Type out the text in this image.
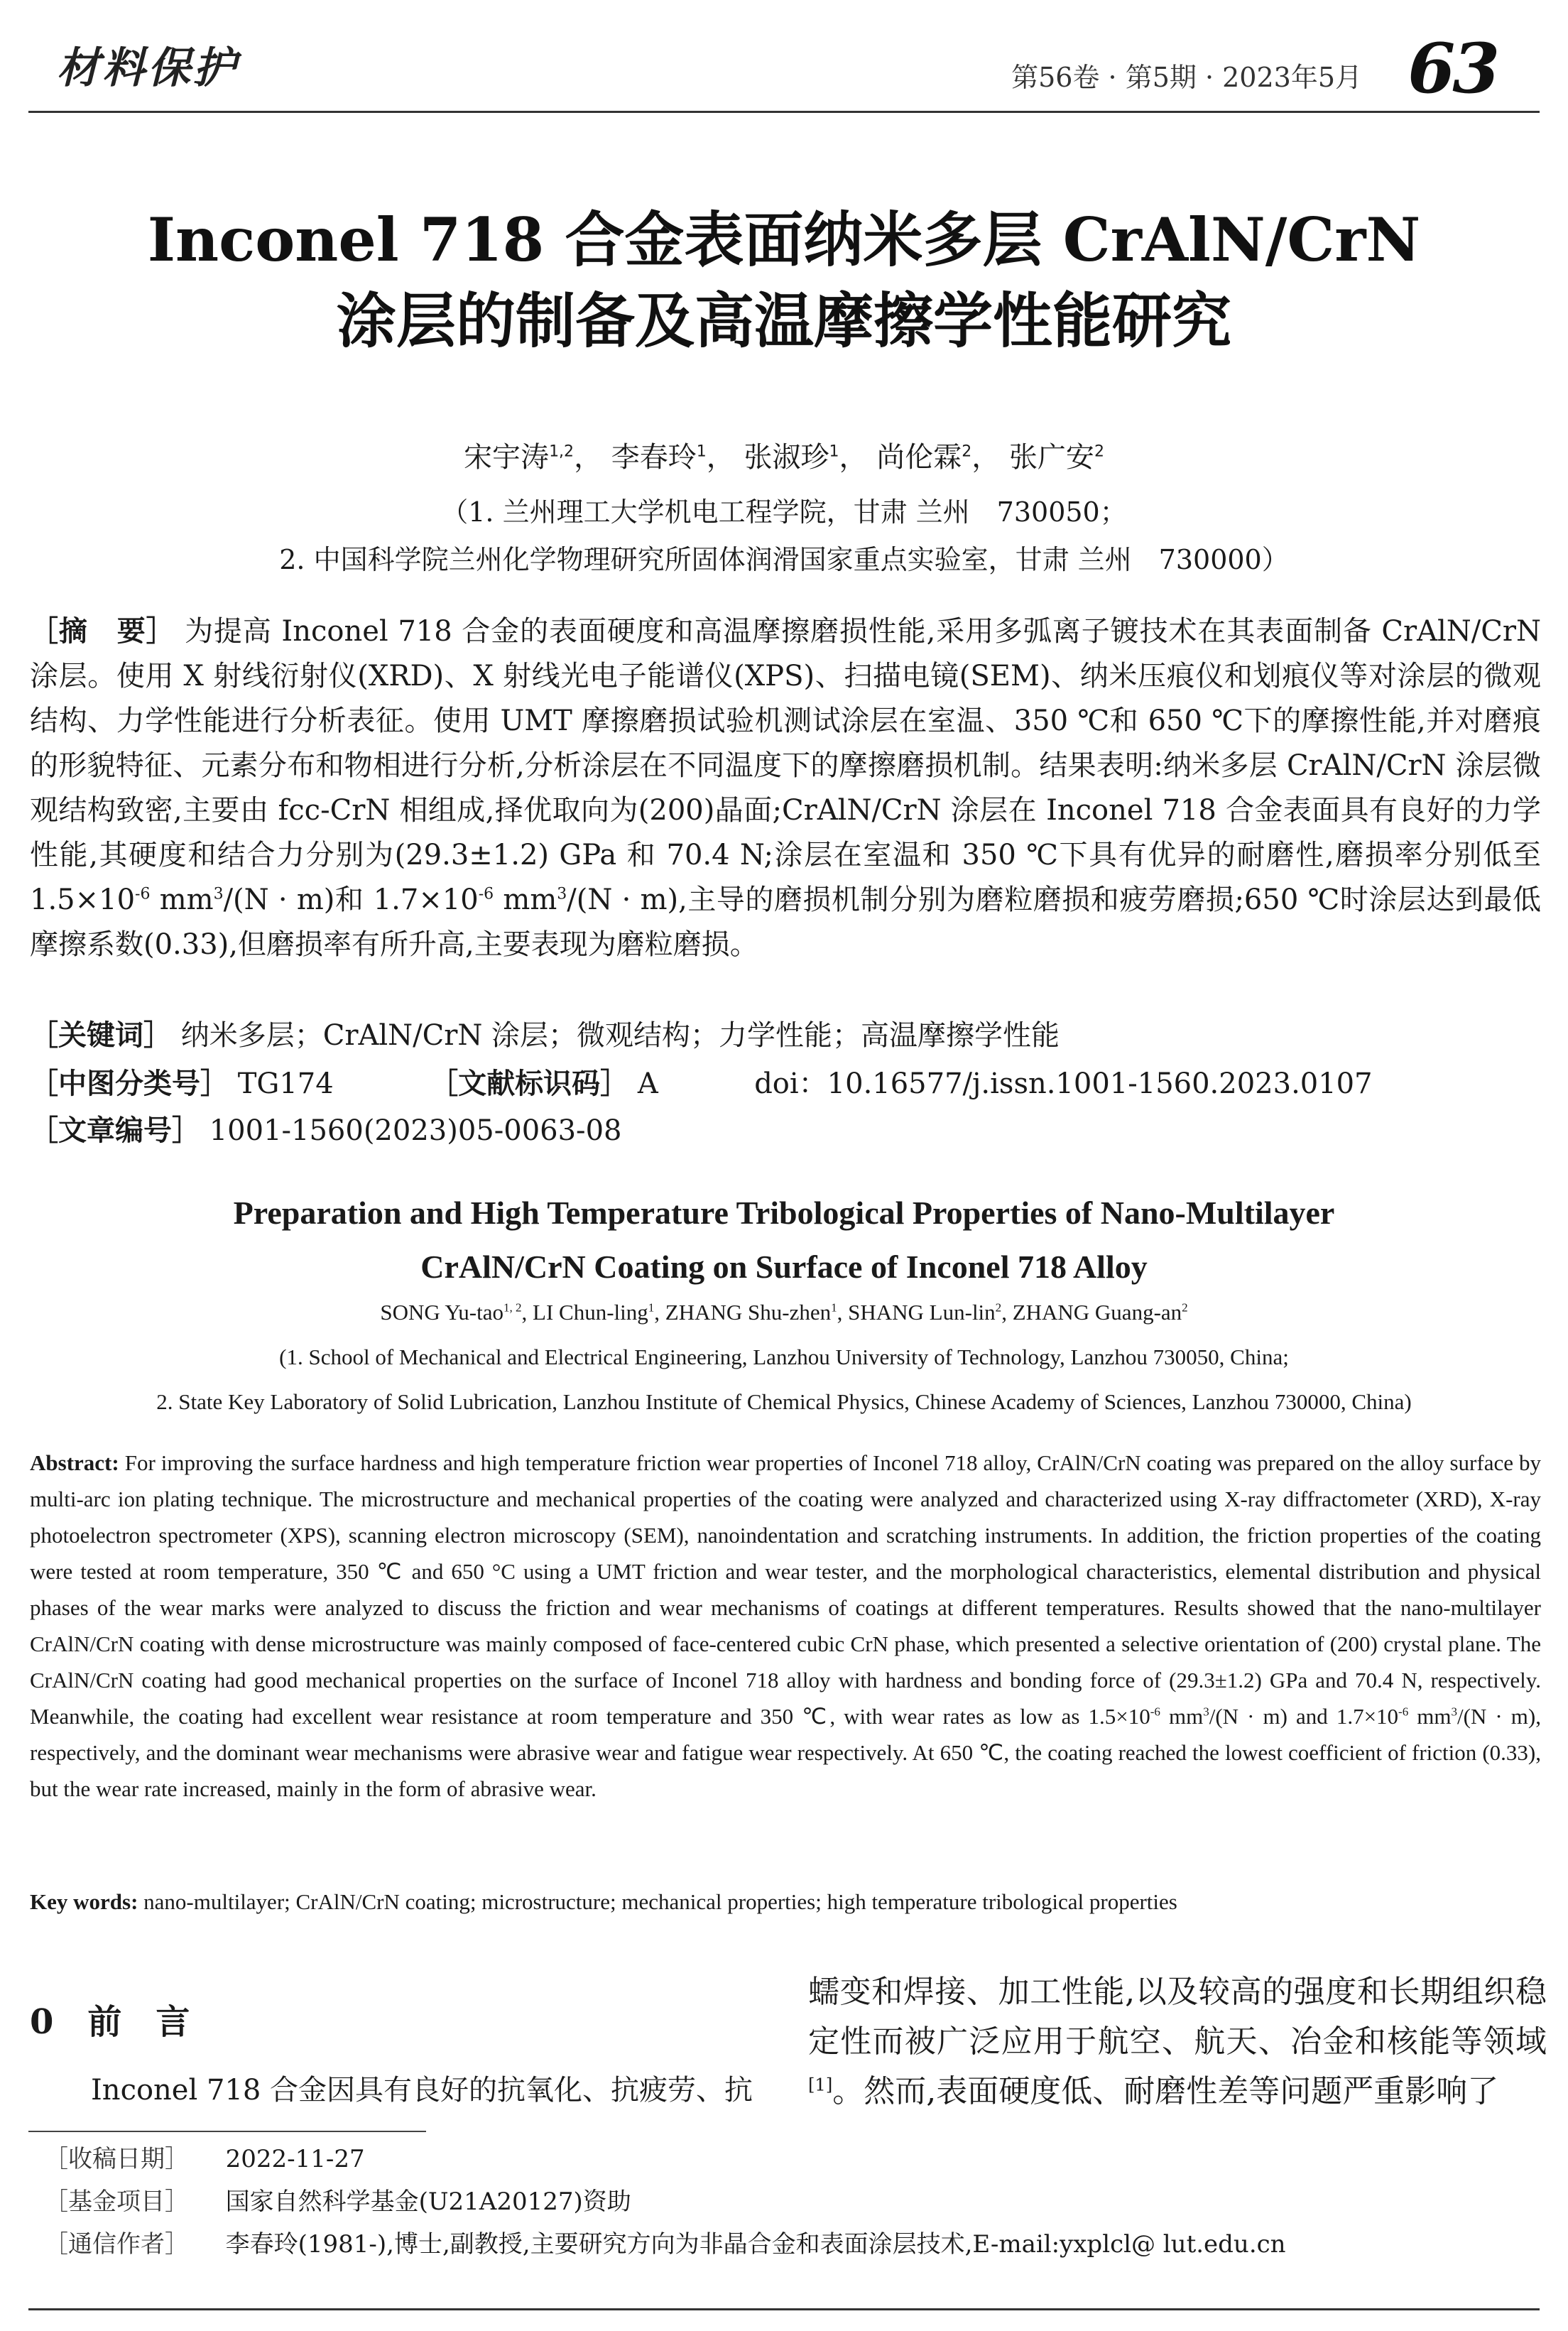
材料保护	第56卷 · 第5期 · 2023年5月 63
Inconel 718 合金表面纳米多层 CrAlN/CrN
涂层的制备及高温摩擦学性能研究
宋宇涛$^{1,2}$， 李春玲$^1$， 张淑珍$^1$， 尚伦霖$^2$， 张广安$^2$
（1. 兰州理工大学机电工程学院，甘肃 兰州　730050；
2. 中国科学院兰州化学物理研究所固体润滑国家重点实验室，甘肃 兰州　730000）
［摘　要］ 为提高 Inconel 718 合金的表面硬度和高温摩擦磨损性能,采用多弧离子镀技术在其表面制备 CrAlN/CrN 涂层。使用 X 射线衍射仪(XRD)、X 射线光电子能谱仪(XPS)、扫描电镜(SEM)、纳米压痕仪和划痕仪等对涂层的微观结构、力学性能进行分析表征。使用 UMT 摩擦磨损试验机测试涂层在室温、350 ℃和 650 ℃下的摩擦性能,并对磨痕的形貌特征、元素分布和物相进行分析,分析涂层在不同温度下的摩擦磨损机制。结果表明:纳米多层 CrAlN/CrN 涂层微观结构致密,主要由 fcc-CrN 相组成,择优取向为(200)晶面;CrAlN/CrN 涂层在 Inconel 718 合金表面具有良好的力学性能,其硬度和结合力分别为(29.3±1.2) GPa 和 70.4 N;涂层在室温和 350 ℃下具有优异的耐磨性,磨损率分别低至 $1.5\times 10^{-6}$ $mm^3/(N \cdot m)$和 $1.7\times 10^{-6}$ $mm^3/(N \cdot m)$,主导的磨损机制分别为磨粒磨损和疲劳磨损;650 ℃时涂层达到最低摩擦系数(0.33),但磨损率有所升高,主要表现为磨粒磨损。
［关键词］ 纳米多层；CrAlN/CrN 涂层；微观结构；力学性能；高温摩擦学性能
［中图分类号］ TG174	［文献标识码］ A	doi：10.16577/j.issn.1001-1560.2023.0107
［文章编号］ 1001-1560(2023)05-0063-08
Preparation and High Temperature Tribological Properties of Nano-Multilayer
CrAlN/CrN Coating on Surface of Inconel 718 Alloy
SONG Yu-tao$^{1, 2}$, LI Chun-ling$^1$, ZHANG Shu-zhen$^1$, SHANG Lun-lin$^2$, ZHANG Guang-$an^2$
(1. School of Mechanical and Electrical Engineering, Lanzhou University of Technology, Lanzhou 730050, China;
2. State Key Laboratory of Solid Lubrication, Lanzhou Institute of Chemical Physics, Chinese Academy of Sciences, Lanzhou 730000, China)
Abstract: For improving the surface hardness and high temperature friction wear properties of Inconel 718 alloy, CrAlN/CrN coating was prepared on the alloy surface by multi-arc ion plating technique. The microstructure and mechanical properties of the coating were analyzed and characterized using X-ray diffractometer (XRD), X-ray photoelectron spectrometer (XPS), scanning electron microscopy (SEM), nanoindentation and scratching instruments. In addition, the friction properties of the coating were tested at room temperature, 350 ℃ and 650 °C using a UMT friction and wear tester, and the morphological characteristics, elemental distribution and physical phases of the wear marks were analyzed to discuss the friction and wear mechanisms of coatings at different temperatures. Results showed that the nano-multilayer CrAlN/CrN coating with dense microstructure was mainly composed of face-centered cubic CrN phase, which presented a selective orientation of (200) crystal plane. The CrAlN/CrN coating had good mechanical properties on the surface of Inconel 718 alloy with hardness and bonding force of (29.3±1.2) GPa and 70.4 N, respectively. Meanwhile, the coating had excellent wear resistance at room temperature and 350 ℃, with wear rates as low as $1.5\times 10^{-6}$ $mm^3/(N \cdot m)$ and $1.7\times 10^{-6}$ $mm^3/(N \cdot m)$, respectively, and the dominant wear mechanisms were abrasive wear and fatigue wear respectively. At 650 ℃, the coating reached the lowest coefficient of friction (0.33), but the wear rate increased, mainly in the form of abrasive wear.
Key words: nano-multilayer; CrAlN/CrN coating; microstructure; mechanical properties; high temperature tribological properties
0　前　言
Inconel 718 合金因具有良好的抗氧化、抗疲劳、抗
蠕变和焊接、加工性能,以及较高的强度和长期组织稳定性而被广泛应用于航空、航天、冶金和核能等领域[1]。然而,表面硬度低、耐磨性差等问题严重影响了
［收稿日期］ 2022-11-27
［基金项目］ 国家自然科学基金(U21A20127)资助
［通信作者］ 李春玲(1981-),博士,副教授,主要研究方向为非晶合金和表面涂层技术,E-mail:yxplcl@ lut.edu.cn
